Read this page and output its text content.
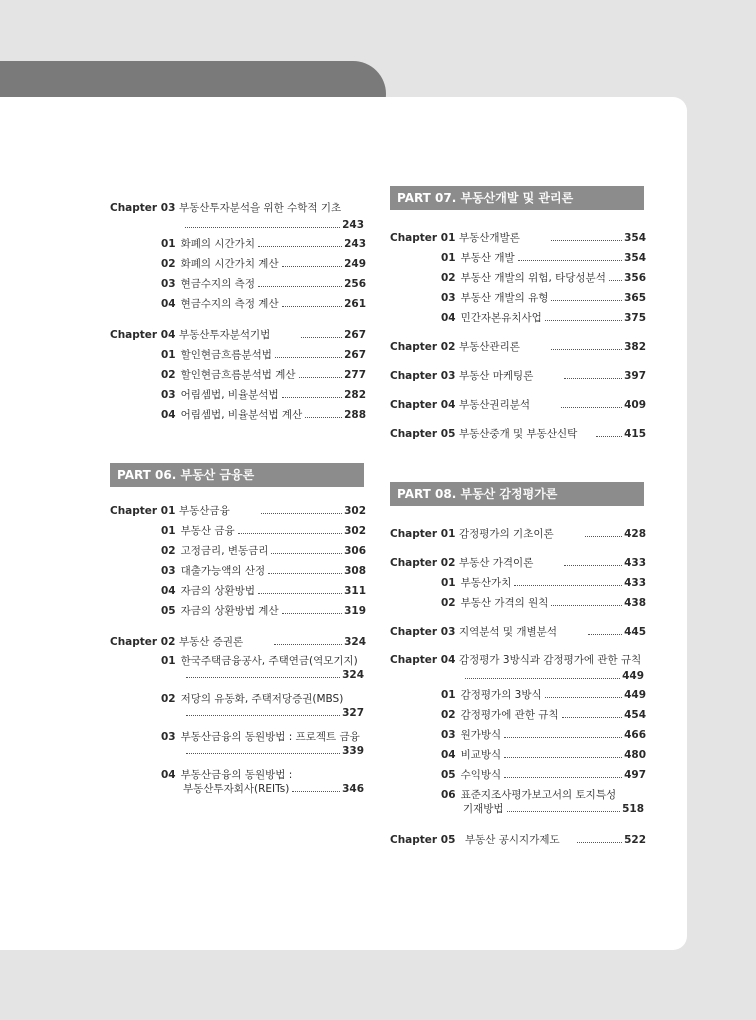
Chapter 03 부동산투자분석을 위한 수학적 기초
243
01 화폐의 시간가치	243
02 화폐의 시간가치 계산	249
03 현금수지의 측정	256
04 현금수지의 측정 계산	261
Chapter 04 부동산투자분석기법	267
01 할인현금흐름분석법	267
02 할인현금흐름분석법 계산	277
03 어림셈법, 비율분석법	282
04 어림셈법, 비율분석법 계산	288
PART 06. 부동산 금융론
Chapter 01 부동산금융	302
01 부동산 금융	302
02 고정금리, 변동금리	306
03 대출가능액의 산정	308
04 자금의 상환방법	311
05 자금의 상환방법 계산	319
Chapter 02 부동산 증권론	324
01 한국주택금융공사, 주택연금(역모기지)
324
02 저당의 유동화, 주택저당증권(MBS)
327
03 부동산금융의 동원방법 : 프로젝트 금융
339
04 부동산금융의 동원방법 :
부동산투자회사(REITs)	346
PART 07. 부동산개발 및 관리론
Chapter 01 부동산개발론	354
01 부동산 개발	354
02 부동산 개발의 위험, 타당성분석 356
03 부동산 개발의 유형	365
04 민간자본유치사업	375
Chapter 02 부동산관리론	382
Chapter 03 부동산 마케팅론	397
Chapter 04 부동산권리분석	409
Chapter 05 부동산중개 및 부동산신탁	415
PART 08. 부동산 감정평가론
Chapter 01 감정평가의 기초이론	428
Chapter 02 부동산 가격이론	433
01 부동산가치	433
02 부동산 가격의 원칙	438
Chapter 03 지역분석 및 개별분석	445
Chapter 04 감정평가 3방식과 감정평가에 관한 규칙
449
01 감정평가의 3방식	449
02 감정평가에 관한 규칙	454
03 원가방식	466
04 비교방식	480
05 수익방식	497
06 표준지조사평가보고서의 토지특성
기재방법	518
Chapter 05 부동산 공시지가제도	522
